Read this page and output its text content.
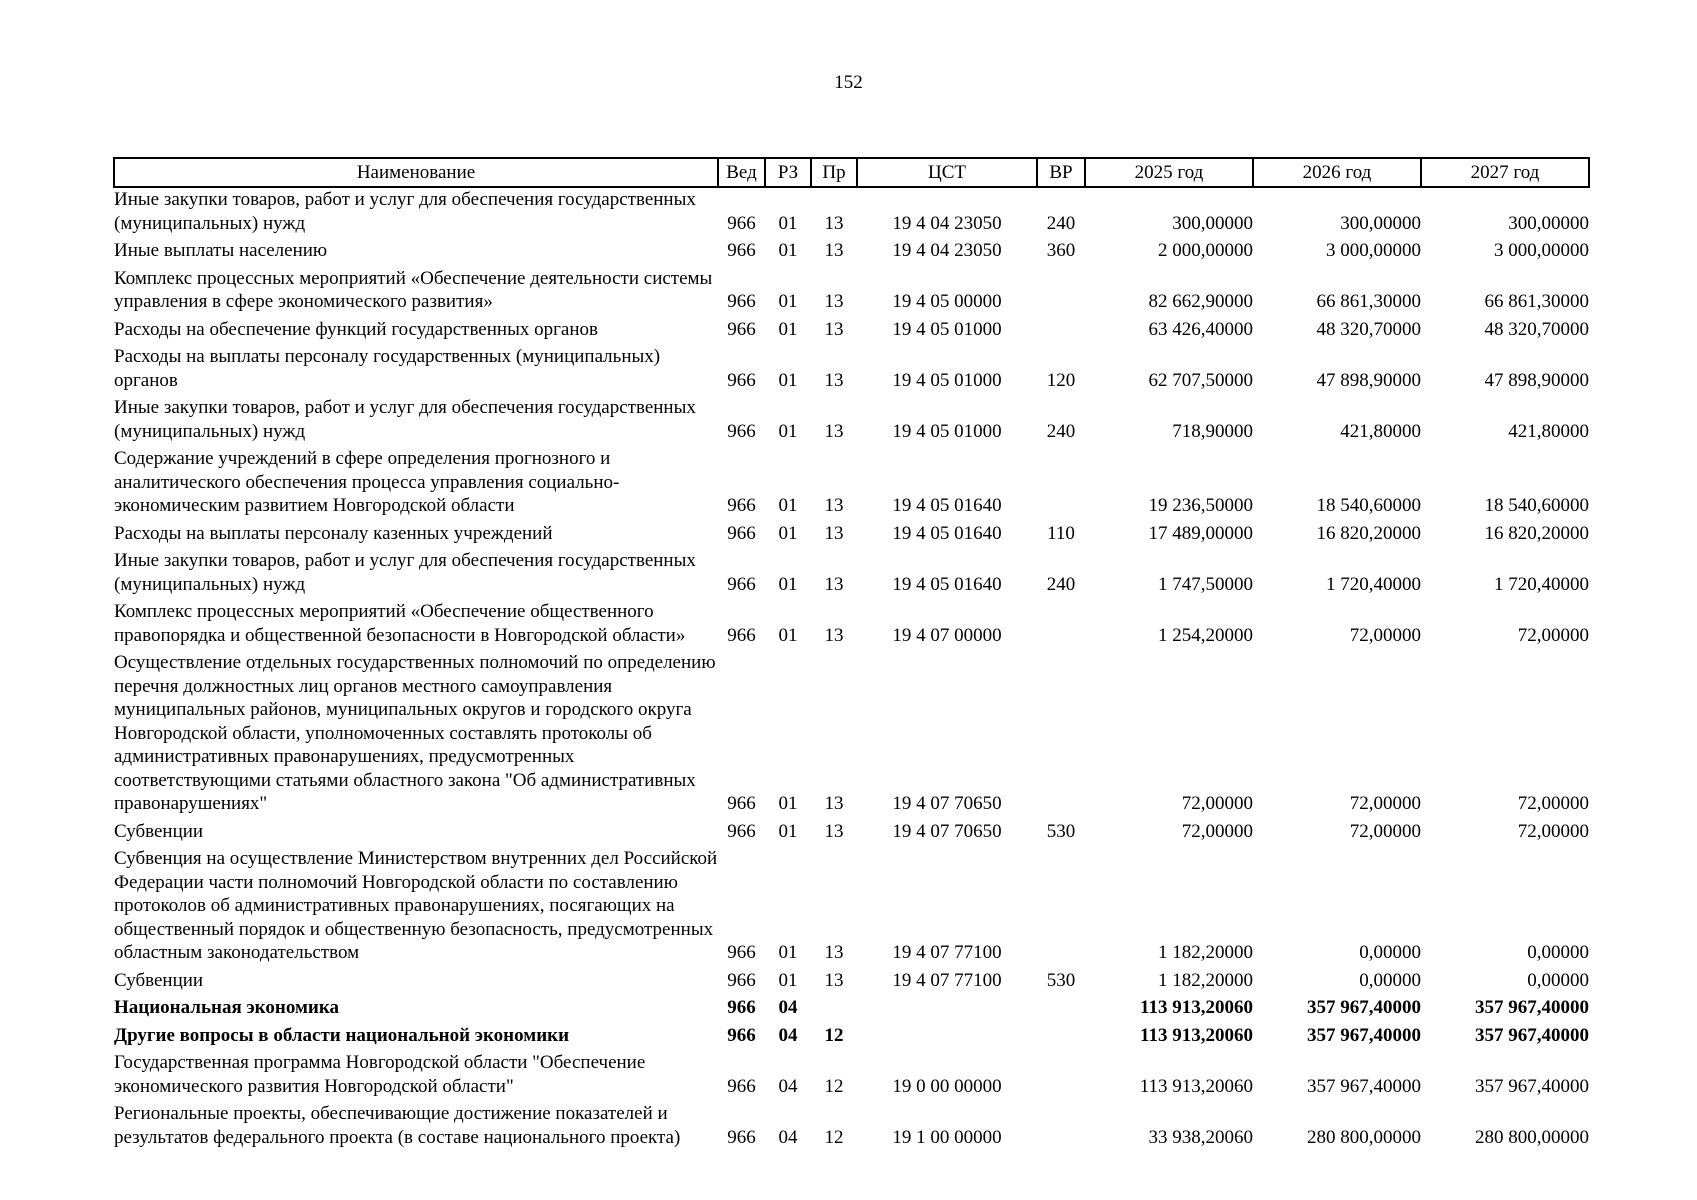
152
Наименование	Вед	РЗ	Пр	ЦСТ	ВР	2025 год	2026 год	2027 год
Иные закупки товаров, работ и услуг для обеспечения государственных (муниципальных) нужд	966	01	13	19 4 04 23050	240	300,00000	300,00000	300,00000
Иные выплаты населению	966	01	13	19 4 04 23050	360	2 000,00000	3 000,00000	3 000,00000
Комплекс процессных мероприятий «Обеспечение деятельности системы управления в сфере экономического развития»	966	01	13	19 4 05 00000		82 662,90000	66 861,30000	66 861,30000
Расходы на обеспечение функций государственных органов	966	01	13	19 4 05 01000		63 426,40000	48 320,70000	48 320,70000
Расходы на выплаты персоналу государственных (муниципальных) органов	966	01	13	19 4 05 01000	120	62 707,50000	47 898,90000	47 898,90000
Иные закупки товаров, работ и услуг для обеспечения государственных (муниципальных) нужд	966	01	13	19 4 05 01000	240	718,90000	421,80000	421,80000
Содержание учреждений в сфере определения прогнозного и аналитического обеспечения процесса управления социально-экономическим развитием Новгородской области	966	01	13	19 4 05 01640		19 236,50000	18 540,60000	18 540,60000
Расходы на выплаты персоналу казенных учреждений	966	01	13	19 4 05 01640	110	17 489,00000	16 820,20000	16 820,20000
Иные закупки товаров, работ и услуг для обеспечения государственных (муниципальных) нужд	966	01	13	19 4 05 01640	240	1 747,50000	1 720,40000	1 720,40000
Комплекс процессных мероприятий «Обеспечение общественного правопорядка и общественной безопасности в Новгородской области»	966	01	13	19 4 07 00000		1 254,20000	72,00000	72,00000
Осуществление отдельных государственных полномочий по определению перечня должностных лиц органов местного самоуправления муниципальных районов, муниципальных округов и городского округа Новгородской области, уполномоченных составлять протоколы об административных правонарушениях, предусмотренных соответствующими статьями областного закона "Об административных правонарушениях"	966	01	13	19 4 07 70650		72,00000	72,00000	72,00000
Субвенции	966	01	13	19 4 07 70650	530	72,00000	72,00000	72,00000
Субвенция на осуществление Министерством внутренних дел Российской Федерации части полномочий Новгородской области по составлению протоколов об административных правонарушениях, посягающих на общественный порядок и общественную безопасность, предусмотренных областным законодательством	966	01	13	19 4 07 77100		1 182,20000	0,00000	0,00000
Субвенции	966	01	13	19 4 07 77100	530	1 182,20000	0,00000	0,00000
Национальная экономика	966	04				113 913,20060	357 967,40000	357 967,40000
Другие вопросы в области национальной экономики	966	04	12			113 913,20060	357 967,40000	357 967,40000
Государственная программа Новгородской области "Обеспечение экономического развития Новгородской области"	966	04	12	19 0 00 00000		113 913,20060	357 967,40000	357 967,40000
Региональные проекты, обеспечивающие достижение показателей и результатов федерального проекта (в составе национального проекта)	966	04	12	19 1 00 00000		33 938,20060	280 800,00000	280 800,00000
